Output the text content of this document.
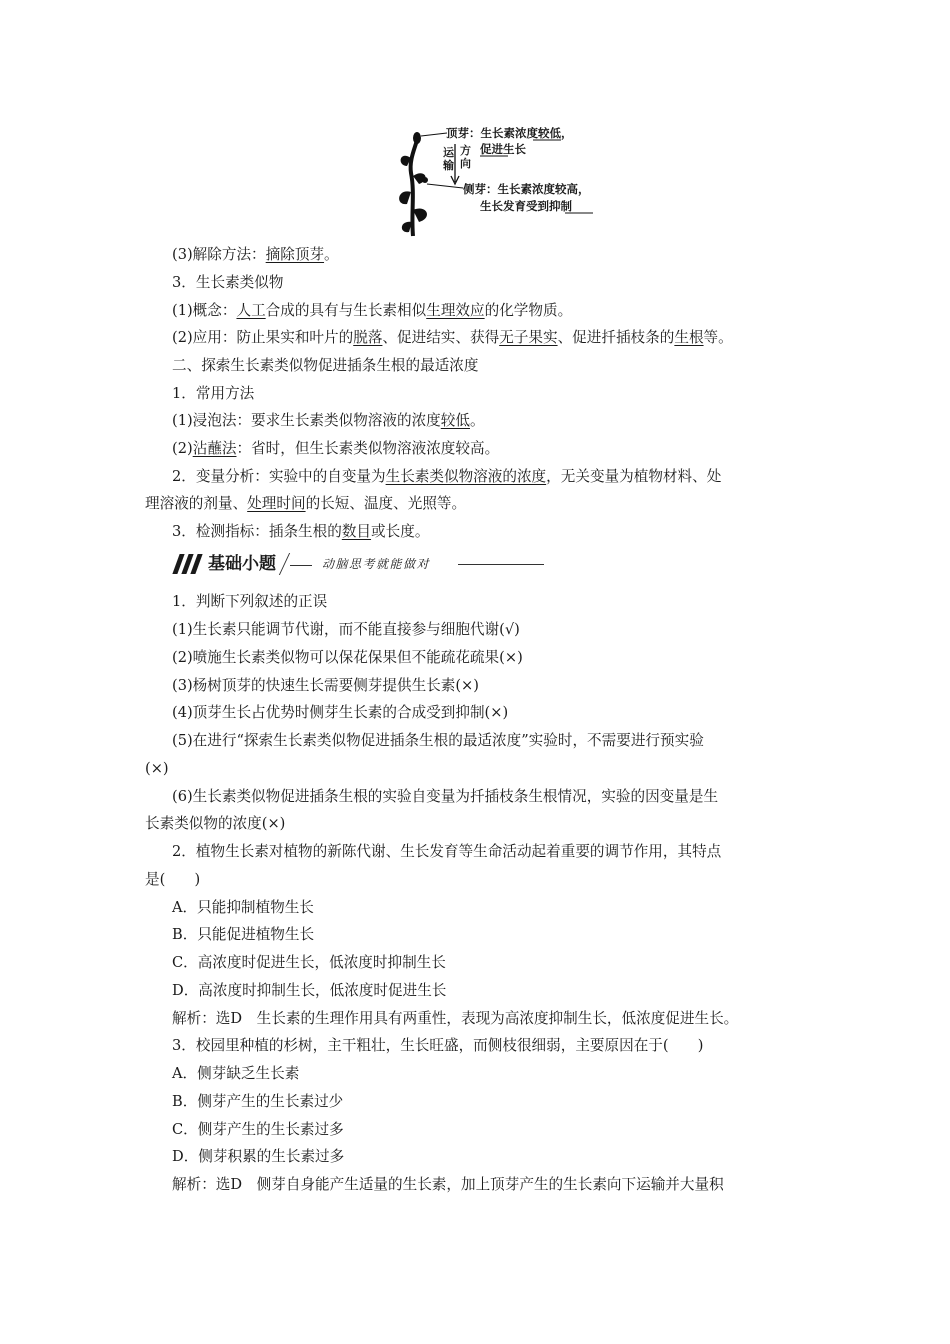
顶芽：生长素浓度较低，
促进生长
运输
方向
侧芽：生长素浓度较高，
生长发育受到抑制
(3)解除方法：摘除顶芽。
3．生长素类似物
(1)概念：人工合成的具有与生长素相似生理效应的化学物质。
(2)应用：防止果实和叶片的脱落、促进结实、获得无子果实、促进扦插枝条的生根等。
二、探索生长素类似物促进插条生根的最适浓度
1．常用方法
(1)浸泡法：要求生长素类似物溶液的浓度较低。
(2)沾蘸法：省时，但生长素类似物溶液浓度较高。
2．变量分析：实验中的自变量为生长素类似物溶液的浓度，无关变量为植物材料、处
理溶液的剂量、处理时间的长短、温度、光照等。
3．检测指标：插条生根的数目或长度。
基础小题	动脑思考就能做对
1．判断下列叙述的正误
(1)生长素只能调节代谢，而不能直接参与细胞代谢(√)
(2)喷施生长素类似物可以保花保果但不能疏花疏果(×)
(3)杨树顶芽的快速生长需要侧芽提供生长素(×)
(4)顶芽生长占优势时侧芽生长素的合成受到抑制(×)
(5)在进行“探索生长素类似物促进插条生根的最适浓度”实验时，不需要进行预实验
(×)
(6)生长素类似物促进插条生根的实验自变量为扦插枝条生根情况，实验的因变量是生
长素类似物的浓度(×)
2．植物生长素对植物的新陈代谢、生长发育等生命活动起着重要的调节作用，其特点
是(　　)
A．只能抑制植物生长
B．只能促进植物生长
C．高浓度时促进生长，低浓度时抑制生长
D．高浓度时抑制生长，低浓度时促进生长
解析：选D　生长素的生理作用具有两重性，表现为高浓度抑制生长，低浓度促进生长。
3．校园里种植的杉树，主干粗壮，生长旺盛，而侧枝很细弱，主要原因在于(　　)
A．侧芽缺乏生长素
B．侧芽产生的生长素过少
C．侧芽产生的生长素过多
D．侧芽积累的生长素过多
解析：选D　侧芽自身能产生适量的生长素，加上顶芽产生的生长素向下运输并大量积
